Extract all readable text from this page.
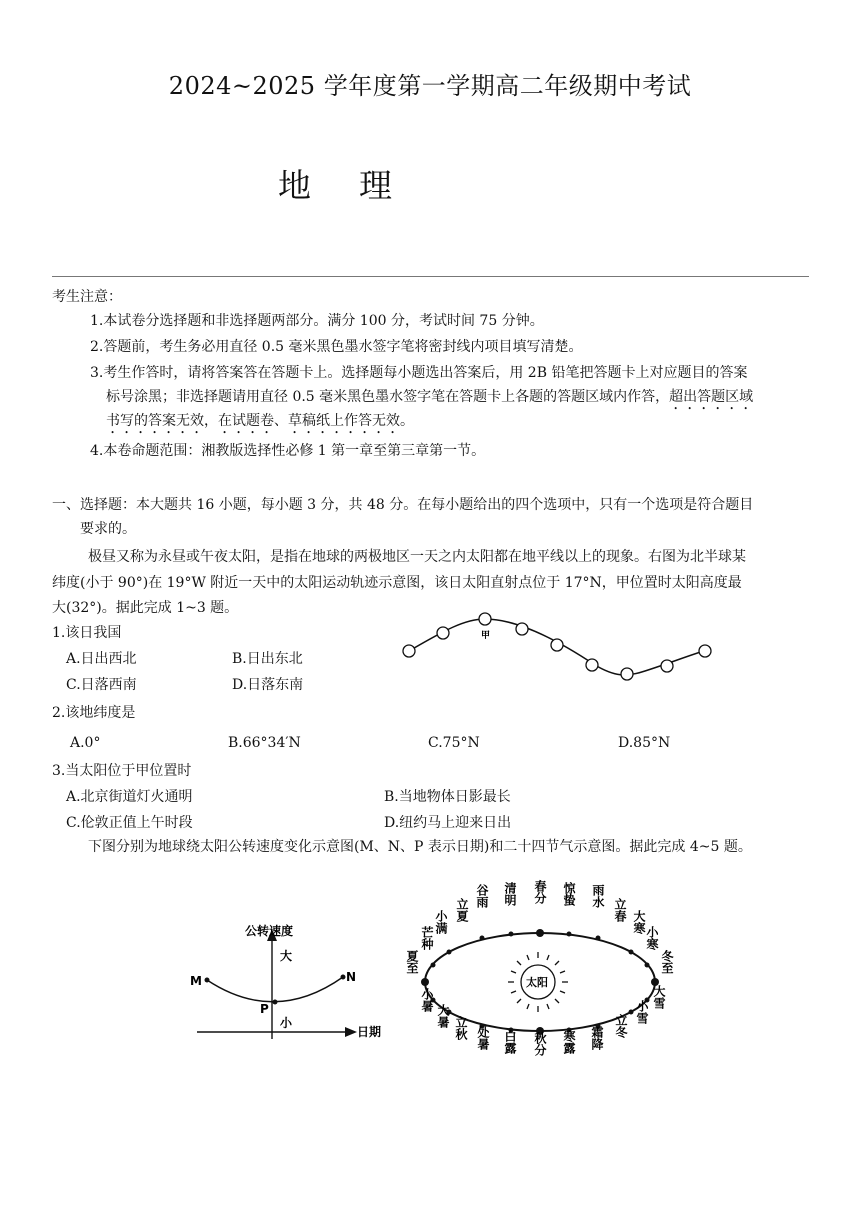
2024~2025 学年度第一学期高二年级期中考试
地理
考生注意：
1.本试卷分选择题和非选择题两部分。满分 100 分，考试时间 75 分钟。
2.答题前，考生务必用直径 0.5 毫米黑色墨水签字笔将密封线内项目填写清楚。
3.考生作答时，请将答案答在答题卡上。选择题每小题选出答案后，用 2B 铅笔把答题卡上对应题目的答案
标号涂黑；非选择题请用直径 0.5 毫米黑色墨水签字笔在答题卡上各题的答题区域内作答，超出答题区域
书写的答案无效，在试题卷、草稿纸上作答无效。
4.本卷命题范围：湘教版选择性必修 1 第一章至第三章第一节。
一、选择题：本大题共 16 小题，每小题 3 分，共 48 分。在每小题给出的四个选项中，只有一个选项是符合题目
要求的。
极昼又称为永昼或午夜太阳，是指在地球的两极地区一天之内太阳都在地平线以上的现象。右图为北半球某
纬度(小于 90°)在 19°W 附近一天中的太阳运动轨迹示意图，该日太阳直射点位于 17°N，甲位置时太阳高度最
大(32°)。据此完成 1~3 题。
1.该日我国
A.日出西北	B.日出东北
C.日落西南	D.日落东南
2.该地纬度是
A.0°	B.66°34′N	C.75°N	D.85°N
3.当太阳位于甲位置时
A.北京街道灯火通明	B.当地物体日影最长
C.伦敦正值上午时段	D.纽约马上迎来日出
下图分别为地球绕太阳公转速度变化示意图(M、N、P 表示日期)和二十四节气示意图。据此完成 4~5 题。
甲
公转速度
大
小
日期
M	N
P
太阳
谷雨 清明 春分 惊蛰 雨水
立夏	立春
小满	大寒
小寒
芒种
冬至
夏至
大雪
小暑	小雪
大暑	立冬
立秋	霜降
处暑	寒露
白露 秋分
